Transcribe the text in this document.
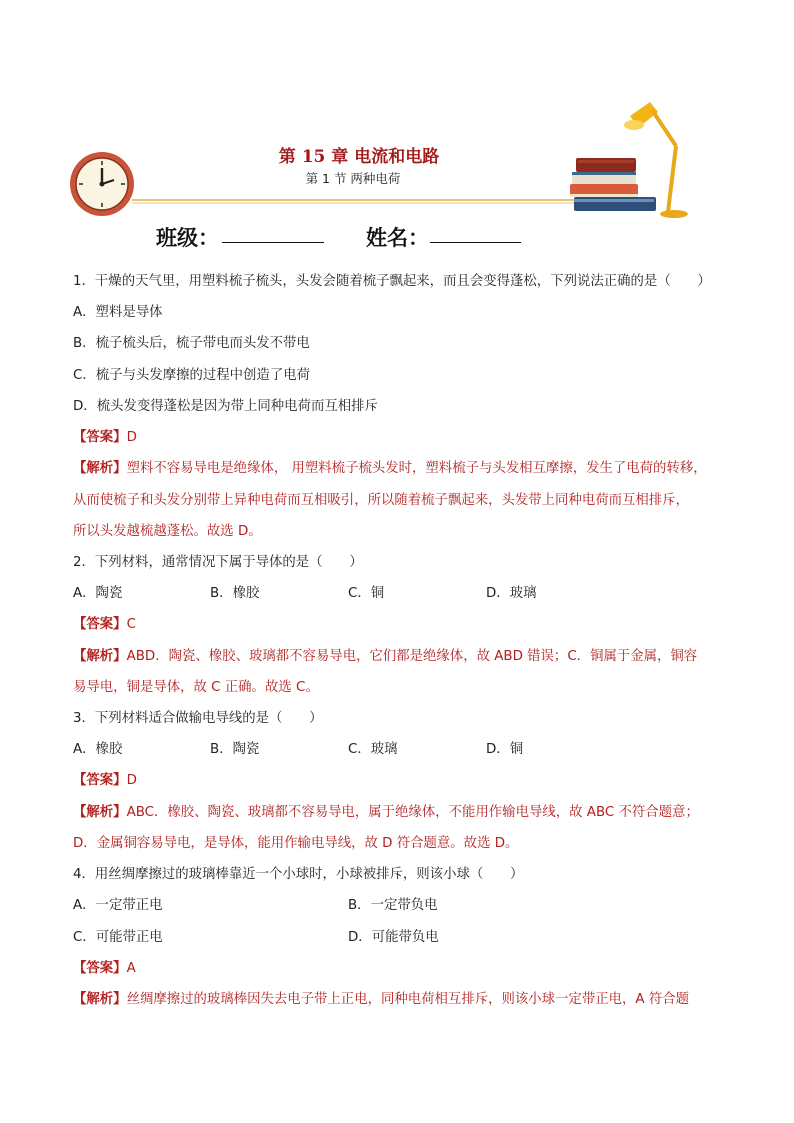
第 15 章 电流和电路
第 1 节 两种电荷
班级：	姓名：
1．干燥的天气里，用塑料梳子梳头，头发会随着梳子飘起来，而且会变得蓬松，下列说法正确的是（　　）
A．塑料是导体
B．梳子梳头后，梳子带电而头发不带电
C．梳子与头发摩擦的过程中创造了电荷
D．梳头发变得蓬松是因为带上同种电荷而互相排斥
【答案】D
【解析】塑料不容易导电是绝缘体， 用塑料梳子梳头发时，塑料梳子与头发相互摩擦，发生了电荷的转移，
从而使梳子和头发分别带上异种电荷而互相吸引，所以随着梳子飘起来，头发带上同种电荷而互相排斥，
所以头发越梳越蓬松。故选 D。
2．下列材料，通常情况下属于导体的是（　　）
A．陶瓷	B．橡胶	C．铜	D．玻璃
【答案】C
【解析】ABD．陶瓷、橡胶、玻璃都不容易导电，它们都是绝缘体，故 ABD 错误；C．铜属于金属，铜容
易导电，铜是导体，故 C 正确。故选 C。
3．下列材料适合做输电导线的是（　　）
A．橡胶	B．陶瓷	C．玻璃	D．铜
【答案】D
【解析】ABC．橡胶、陶瓷、玻璃都不容易导电，属于绝缘体，不能用作输电导线，故 ABC 不符合题意；
D．金属铜容易导电，是导体，能用作输电导线，故 D 符合题意。故选 D。
4．用丝绸摩擦过的玻璃棒靠近一个小球时，小球被排斥，则该小球（　　）
A．一定带正电	B．一定带负电
C．可能带正电	D．可能带负电
【答案】A
【解析】丝绸摩擦过的玻璃棒因失去电子带上正电，同种电荷相互排斥，则该小球一定带正电，A 符合题
